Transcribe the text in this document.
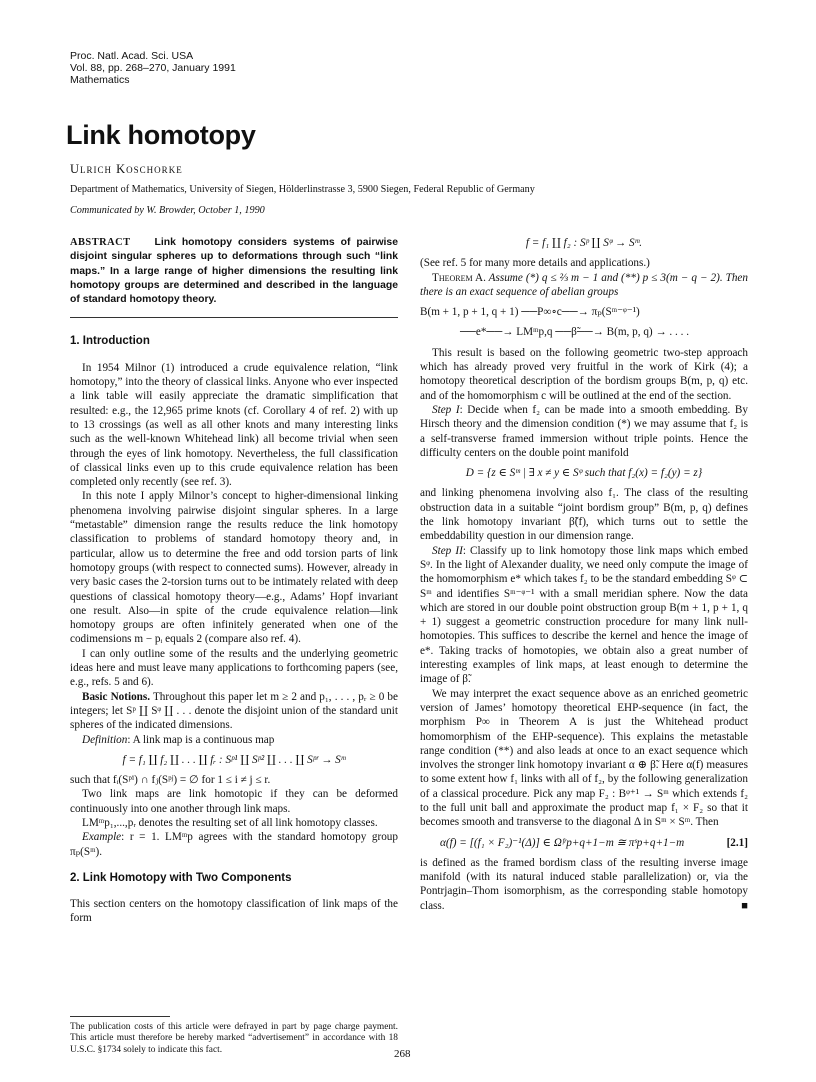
Proc. Natl. Acad. Sci. USA
Vol. 88, pp. 268–270, January 1991
Mathematics
Link homotopy
Ulrich Koschorke
Department of Mathematics, University of Siegen, Hölderlinstrasse 3, 5900 Siegen, Federal Republic of Germany
Communicated by W. Browder, October 1, 1990
ABSTRACT Link homotopy considers systems of pairwise disjoint singular spheres up to deformations through such “link maps.” In a large range of higher dimensions the resulting link homotopy groups are determined and described in the language of standard homotopy theory.
1. Introduction

In 1954 Milnor (1) introduced a crude equivalence relation, “link homotopy,” into the theory of classical links. Anyone who ever inspected a link table will easily appreciate the dramatic simplification that resulted: e.g., the 12,965 prime knots (cf. Corollary 4 of ref. 2) with up to 13 crossings (as well as all other knots and many interesting links such as the well-known Whitehead link) all become trivial when seen through the eyes of link homotopy. Nevertheless, the full classification of classical links even up to this crude equivalence relation has been completed only recently (see ref. 3).

In this note I apply Milnor’s concept to higher-dimensional linking phenomena involving pairwise disjoint singular spheres. In a large “metastable” dimension range the results reduce the link homotopy classification to problems of standard homotopy theory and, in particular, allow us to determine the free and odd torsion parts of link homotopy groups (with respect to connected sums). However, already in very basic cases the 2-torsion turns out to be intimately related with deep questions of classical homotopy theory—e.g., Adams’ Hopf invariant one result. Also—in spite of the crude equivalence relation—link homotopy groups are often infinitely generated when one of the codimensions m − pᵢ equals 2 (compare also ref. 4).

I can only outline some of the results and the underlying geometric ideas here and must leave many applications to forthcoming papers (see, e.g., refs. 5 and 6).

Basic Notions. Throughout this paper let m ≥ 2 and p₁, . . . , pᵣ ≥ 0 be integers; let Sᵖ ∐ Sᵠ ∐ . . . denote the disjoint union of the standard unit spheres of the indicated dimensions.

Definition: A link map is a continuous map

f = f₁ ∐ f₂ ∐ . . . ∐ fᵣ : Sᵖ¹ ∐ Sᵖ² ∐ . . . ∐ Sᵖʳ → Sᵐ

such that fᵢ(Sᵖⁱ) ∩ fⱼ(Sᵖʲ) = ∅ for 1 ≤ i ≠ j ≤ r.

Two link maps are link homotopic if they can be deformed continuously into one another through link maps.

LMᵐp₁,...,pᵣ denotes the resulting set of all link homotopy classes.

Example: r = 1. LMᵐp agrees with the standard homotopy group πₚ(Sᵐ).

2. Link Homotopy with Two Components

This section centers on the homotopy classification of link maps of the form

f = f₁ ∐ f₂ : Sᵖ ∐ Sᵠ → Sᵐ.

(See ref. 5 for many more details and applications.)

Theorem A. Assume (*) q ≤ ⅔ m − 1 and (**) p ≤ 3(m − q − 2). Then there is an exact sequence of abelian groups

B(m + 1, p + 1, q + 1) ──P∞∘c──→ πₚ(Sᵐ⁻ᵠ⁻¹)
──e*──→ LMᵐp,q ──β̃──→ B(m, p, q) → . . . .

This result is based on the following geometric two-step approach which has already proved very fruitful in the work of Kirk (4); a homotopy theoretical description of the bordism groups B(m, p, q) etc. and of the homomorphism c will be outlined at the end of the section.

Step I: Decide when f₂ can be made into a smooth embedding. By Hirsch theory and the dimension condition (*) we may assume that f₂ is a self-transverse framed immersion without triple points. Hence the difficulty centers on the double point manifold

D = {z ∈ Sᵐ | ∃ x ≠ y ∈ Sᵠ such that f₂(x) = f₂(y) = z}

and linking phenomena involving also f₁. The class of the resulting obstruction data in a suitable “joint bordism group” B(m, p, q) defines the link homotopy invariant β̃(f), which turns out to settle the embeddability question in our dimension range.

Step II: Classify up to link homotopy those link maps which embed Sᵠ. In the light of Alexander duality, we need only compute the image of the homomorphism e* which takes f₂ to be the standard embedding Sᵠ ⊂ Sᵐ and identifies Sᵐ⁻ᵠ⁻¹ with a small meridian sphere. Now the data which are stored in our double point obstruction group B(m + 1, p + 1, q + 1) suggest a geometric construction procedure for many link null-homotopies. This suffices to describe the kernel and hence the image of e*. Taking tracks of homotopies, we obtain also a great number of interesting examples of link maps, at least enough to determine the image of β̃.

We may interpret the exact sequence above as an enriched geometric version of James’ homotopy theoretical EHP-sequence (in fact, the morphism P∞ in Theorem A is just the Whitehead product homomorphism of the EHP-sequence). This explains the metastable range condition (**) and also leads at once to an exact sequence which involves the stronger link homotopy invariant α ⊕ β̃. Here α(f) measures to some extent how f₁ links with all of f₂, by the following generalization of a classical procedure. Pick any map F₂ : Bᵠ⁺¹ → Sᵐ which extends f₂ to the full unit ball and approximate the product map f₁ × F₂ so that it becomes smooth and transverse to the diagonal Δ in Sᵐ × Sᵐ. Then

α(f) = [(f₁ × F₂)⁻¹(Δ)] ∈ Ωᶠʳp+q+1−m ≅ πˢp+q+1−m	[2.1]

is defined as the framed bordism class of the resulting inverse image manifold (with its natural induced stable parallelization) or, via the Pontrjagin–Thom isomorphism, as the corresponding stable homotopy class.	■

The publication costs of this article were defrayed in part by page charge payment. This article must therefore be hereby marked “advertisement” in accordance with 18 U.S.C. §1734 solely to indicate this fact.	268
